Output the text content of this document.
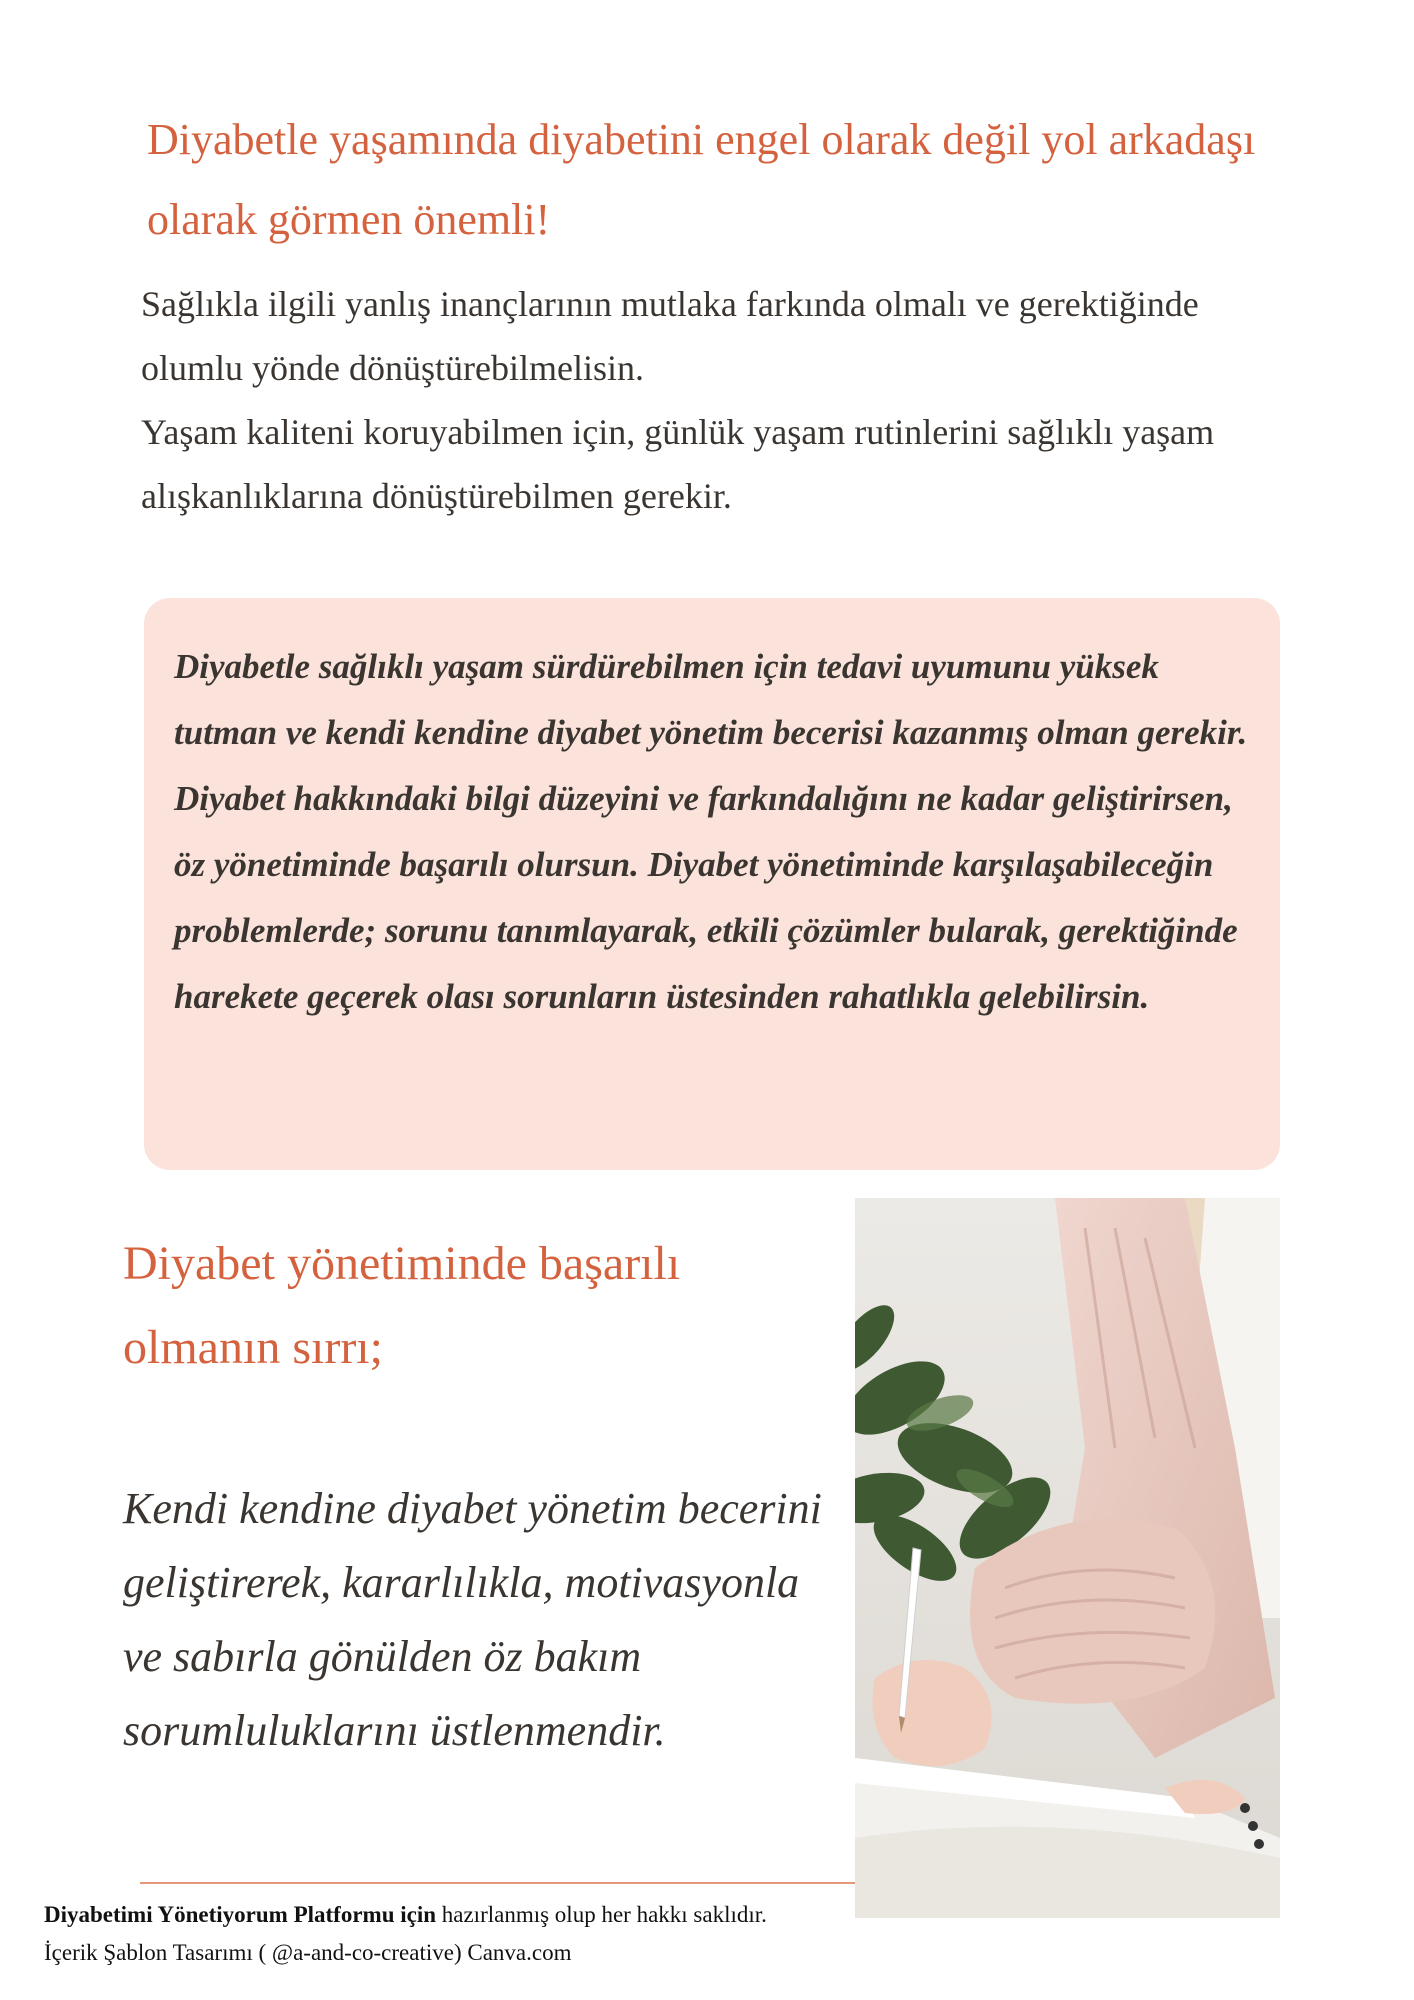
Diyabetle yaşamında diyabetini engel olarak değil yol arkadaşı olarak görmen önemli!

Sağlıkla ilgili yanlış inançlarının mutlaka farkında olmalı ve gerektiğinde olumlu yönde dönüştürebilmelisin.

Yaşam kaliteni koruyabilmen için, günlük yaşam rutinlerini sağlıklı yaşam alışkanlıklarına dönüştürebilmen gerekir.

Diyabetle sağlıklı yaşam sürdürebilmen için tedavi uyumunu yüksek tutman ve kendi kendine diyabet yönetim becerisi kazanmış olman gerekir. Diyabet hakkındaki bilgi düzeyini ve farkındalığını ne kadar geliştirirsen, öz yönetiminde başarılı olursun. Diyabet yönetiminde karşılaşabileceğin problemlerde; sorunu tanımlayarak, etkili çözümler bularak, gerektiğinde harekete geçerek olası sorunların üstesinden rahatlıkla gelebilirsin.

Diyabet yönetiminde başarılı olmanın sırrı;

Kendi kendine diyabet yönetim becerini geliştirerek, kararlılıkla, motivasyonla ve sabırla gönülden öz bakım sorumluluklarını üstlenmendir.

Diyabetimi Yönetiyorum Platformu için hazırlanmış olup her hakkı saklıdır.

İçerik Şablon Tasarımı ( @a-and-co-creative) Canva.com
